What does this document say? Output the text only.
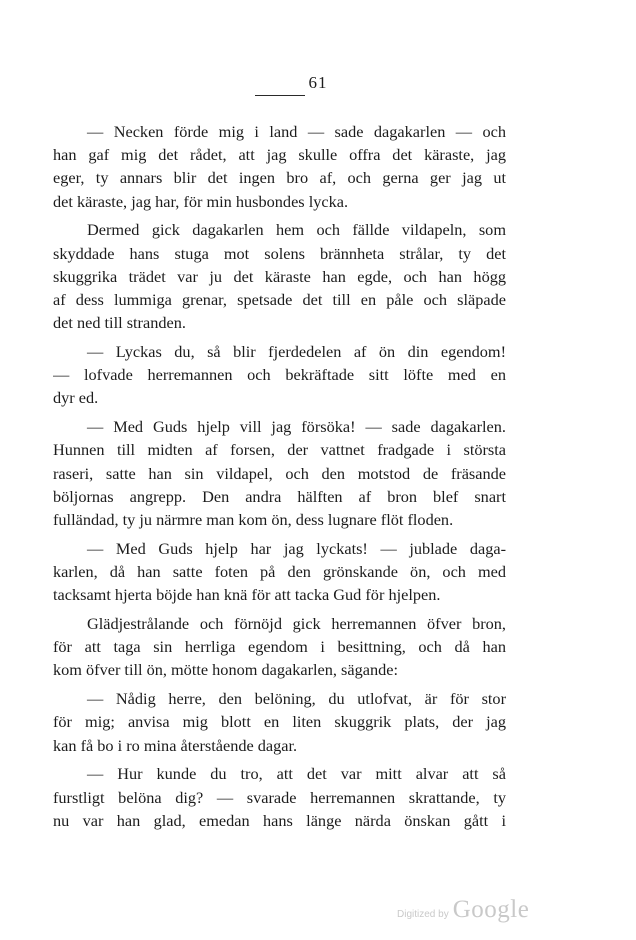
61
— Necken förde mig i land — sade dagakarlen — och
han gaf mig det rådet, att jag skulle offra det käraste, jag
eger, ty annars blir det ingen bro af, och gerna ger jag ut
det käraste, jag har, för min husbondes lycka.
Dermed gick dagakarlen hem och fällde vildapeln, som
skyddade hans stuga mot solens brännheta strålar, ty det
skuggrika trädet var ju det käraste han egde, och han högg
af dess lummiga grenar, spetsade det till en påle och släpade
det ned till stranden.
— Lyckas du, så blir fjerdedelen af ön din egendom!
— lofvade herremannen och bekräftade sitt löfte med en
dyr ed.
— Med Guds hjelp vill jag försöka! — sade dagakarlen.
Hunnen till midten af forsen, der vattnet fradgade i största
raseri, satte han sin vildapel, och den motstod de fräsande
böljornas angrepp. Den andra hälften af bron blef snart
fulländad, ty ju närmre man kom ön, dess lugnare flöt floden.
— Med Guds hjelp har jag lyckats! — jublade daga-
karlen, då han satte foten på den grönskande ön, och med
tacksamt hjerta böjde han knä för att tacka Gud för hjelpen.
Glädjestrålande och förnöjd gick herremannen öfver bron,
för att taga sin herrliga egendom i besittning, och då han
kom öfver till ön, mötte honom dagakarlen, sägande:
— Nådig herre, den belöning, du utlofvat, är för stor
för mig; anvisa mig blott en liten skuggrik plats, der jag
kan få bo i ro mina återstående dagar.
— Hur kunde du tro, att det var mitt alvar att så
furstligt belöna dig? — svarade herremannen skrattande, ty
nu var han glad, emedan hans länge närda önskan gått i
Digitized by Google
